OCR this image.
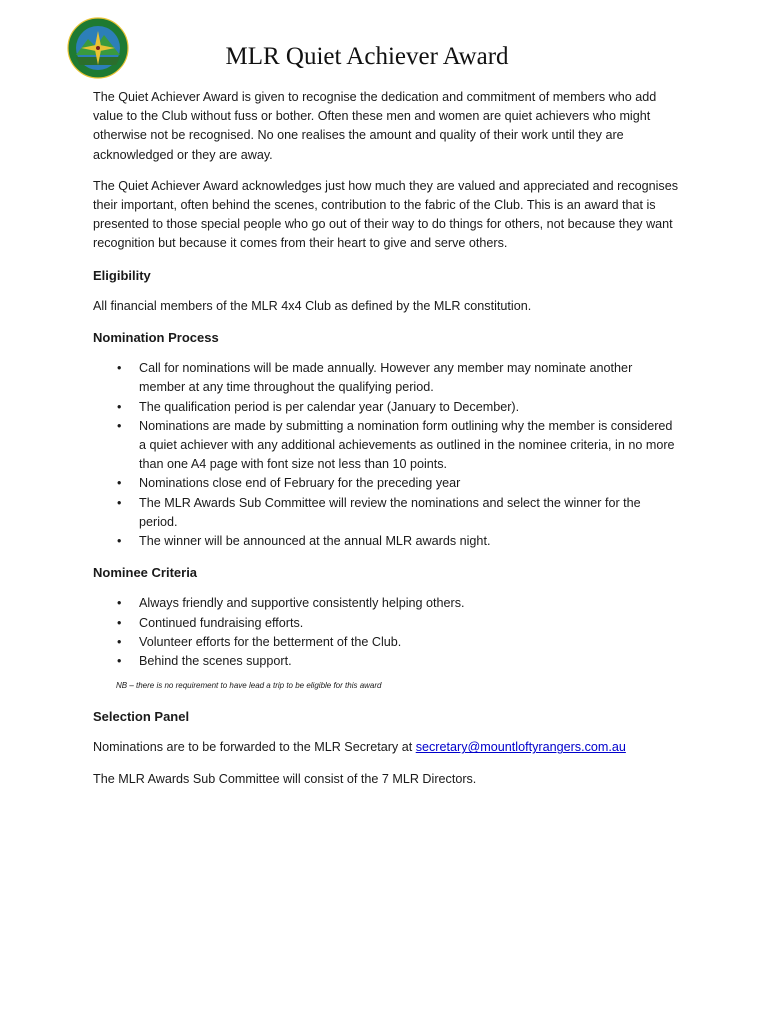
MLR Quiet Achiever Award

The Quiet Achiever Award is given to recognise the dedication and commitment of members who add value to the Club without fuss or bother. Often these men and women are quiet achievers who might otherwise not be recognised. No one realises the amount and quality of their work until they are acknowledged or they are away.

The Quiet Achiever Award acknowledges just how much they are valued and appreciated and recognises their important, often behind the scenes, contribution to the fabric of the Club. This is an award that is presented to those special people who go out of their way to do things for others, not because they want recognition but because it comes from their heart to give and serve others.

Eligibility

All financial members of the MLR 4x4 Club as defined by the MLR constitution.

Nomination Process
• Call for nominations will be made annually. However any member may nominate another member at any time throughout the qualifying period.
• The qualification period is per calendar year (January to December).
• Nominations are made by submitting a nomination form outlining why the member is considered a quiet achiever with any additional achievements as outlined in the nominee criteria, in no more than one A4 page with font size not less than 10 points.
• Nominations close end of February for the preceding year
• The MLR Awards Sub Committee will review the nominations and select the winner for the period.
• The winner will be announced at the annual MLR awards night.
Nominee Criteria
• Always friendly and supportive consistently helping others.
• Continued fundraising efforts.
• Volunteer efforts for the betterment of the Club.
• Behind the scenes support.

NB – there is no requirement to have lead a trip to be eligible for this award

Selection Panel

Nominations are to be forwarded to the MLR Secretary at secretary@mountloftyrangers.com.au

The MLR Awards Sub Committee will consist of the 7 MLR Directors.
